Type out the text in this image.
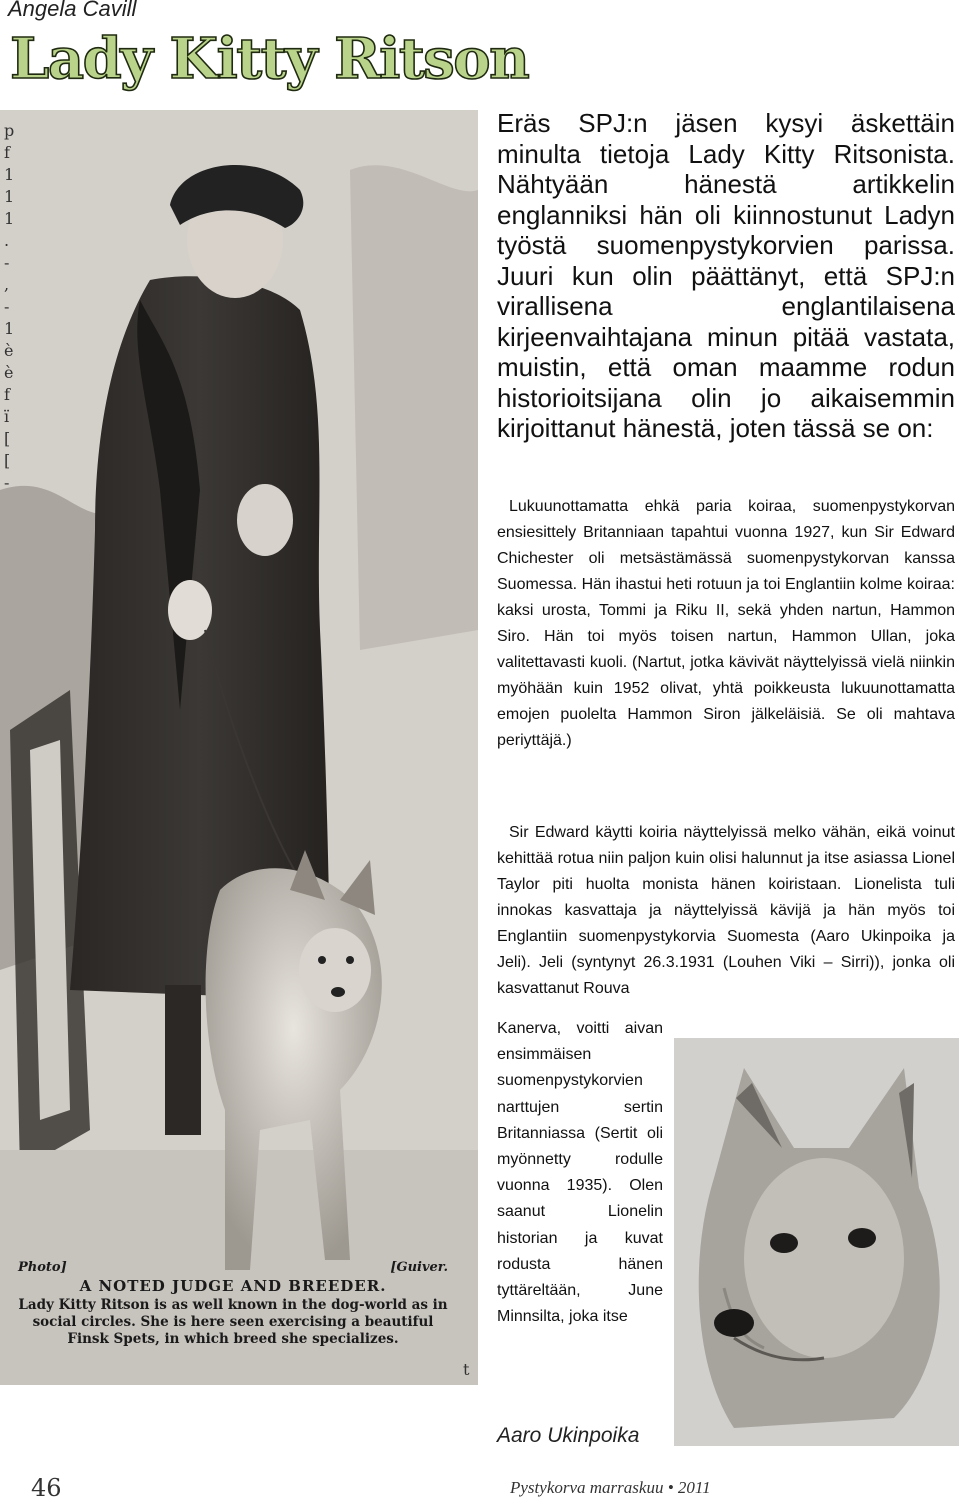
Angela Cavill
Lady Kitty Ritson
p
f
1
1
1
.
-
,
-
1
è
è
f
ï
[
[
-
Photo]	[Guiver.
A NOTED JUDGE AND BREEDER.
Lady Kitty Ritson is as well known in the dog-world as in social circles. She is here seen exercising a beautiful Finsk Spets, in which breed she specializes.
t

Eräs SPJ:n jäsen kysyi äskettäin minulta tietoja Lady Kitty Ritsonista. Nähtyään hänestä artikkelin englanniksi hän oli kiinnostunut Ladyn työstä suomenpystykorvien parissa. Juuri kun olin päättänyt, että SPJ:n virallisena englantilaisena kirjeenvaihtajana minun pitää vastata, muistin, että oman maamme rodun historioitsijana olin jo aikaisemmin kirjoittanut hänestä, joten tässä se on:

Lukuunottamatta ehkä paria koiraa, suomenpystykorvan ensiesittely Britanniaan tapahtui vuonna 1927, kun Sir Edward Chichester oli metsästämässä suomenpystykorvan kanssa Suomessa. Hän ihastui heti rotuun ja toi Englantiin kolme koiraa: kaksi urosta, Tommi ja Riku II, sekä yhden nartun, Hammon Siro. Hän toi myös toisen nartun, Hammon Ullan, joka valitettavasti kuoli. (Nartut, jotka kävivät näyttelyissä vielä niinkin myöhään kuin 1952 olivat, yhtä poikkeusta lukuunottamatta emojen puolelta Hammon Siron jälkeläisiä. Se oli mahtava periyttäjä.)

Sir Edward käytti koiria näyttelyissä melko vähän, eikä voinut kehittää rotua niin paljon kuin olisi halunnut ja itse asiassa Lionel Taylor piti huolta monista hänen koiristaan. Lionelista tuli innokas kasvattaja ja näyttelyissä kävijä ja hän myös toi Englantiin suomenpystykorvia Suomesta (Aaro Ukinpoika ja Jeli). Jeli (syntynyt 26.3.1931 (Louhen Viki – Sirri)), jonka oli kasvattanut Rouva

Kanerva, voitti aivan ensimmäisen suomenpystykorvien narttujen sertin Britanniassa (Sertit oli myönnetty rodulle vuonna 1935). Olen saanut Lionelin historian ja kuvat rodusta hänen tyttäreltään, June Minnsilta, joka itse

Aaro Ukinpoika
46	Pystykorva marraskuu • 2011
